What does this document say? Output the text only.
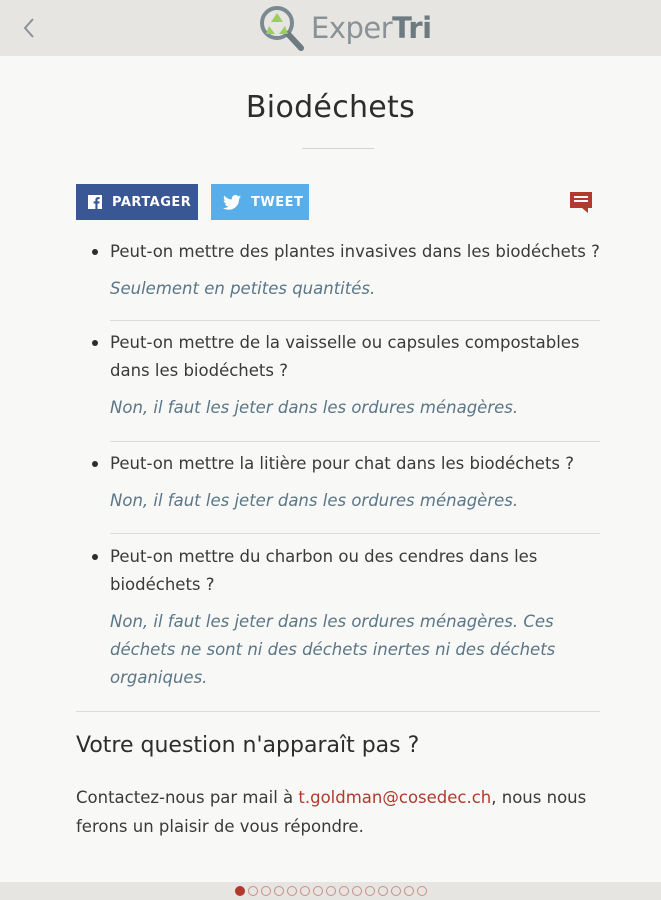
ExperTri
Biodéchets
PARTAGER	TWEET

Peut-on mettre des plantes invasives dans les biodéchets ?

Seulement en petites quantités.

Peut-on mettre de la vaisselle ou capsules compostables dans les biodéchets ?

Non, il faut les jeter dans les ordures ménagères.

Peut-on mettre la litière pour chat dans les biodéchets ?

Non, il faut les jeter dans les ordures ménagères.

Peut-on mettre du charbon ou des cendres dans les biodéchets ?

Non, il faut les jeter dans les ordures ménagères. Ces déchets ne sont ni des déchets inertes ni des déchets organiques.

Votre question n'apparaît pas ?

Contactez-nous par mail à t.goldman@cosedec.ch, nous nous ferons un plaisir de vous répondre.
